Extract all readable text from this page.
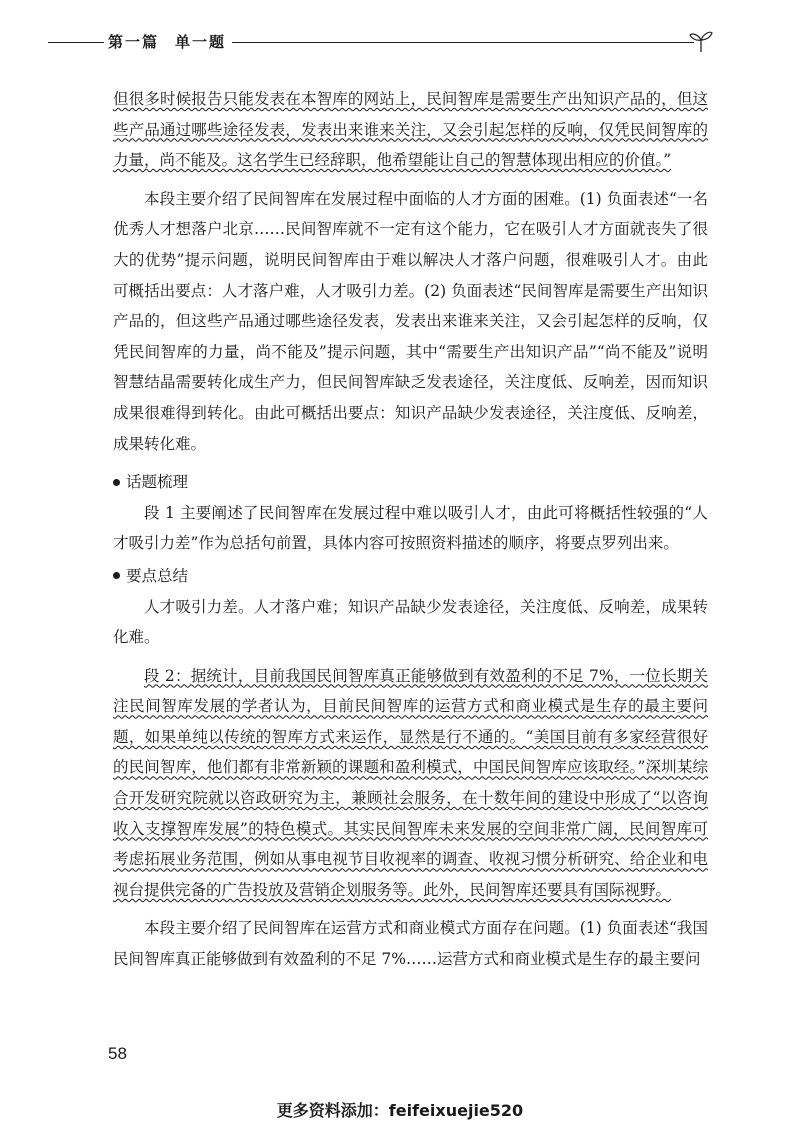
第一篇 单一题

但很多时候报告只能发表在本智库的网站上，民间智库是需要生产出知识产品的，但这些产品通过哪些途径发表，发表出来谁来关注，又会引起怎样的反响，仅凭民间智库的力量，尚不能及。这名学生已经辞职，他希望能让自己的智慧体现出相应的价值。”

本段主要介绍了民间智库在发展过程中面临的人才方面的困难。(1) 负面表述“一名优秀人才想落户北京……民间智库就不一定有这个能力，它在吸引人才方面就丧失了很大的优势”提示问题，说明民间智库由于难以解决人才落户问题，很难吸引人才。由此可概括出要点：人才落户难，人才吸引力差。(2) 负面表述“民间智库是需要生产出知识产品的，但这些产品通过哪些途径发表，发表出来谁来关注，又会引起怎样的反响，仅凭民间智库的力量，尚不能及”提示问题，其中“需要生产出知识产品”“尚不能及”说明智慧结晶需要转化成生产力，但民间智库缺乏发表途径，关注度低、反响差，因而知识成果很难得到转化。由此可概括出要点：知识产品缺少发表途径，关注度低、反响差，成果转化难。

话题梳理

段 1 主要阐述了民间智库在发展过程中难以吸引人才，由此可将概括性较强的“人才吸引力差”作为总括句前置，具体内容可按照资料描述的顺序，将要点罗列出来。

要点总结

人才吸引力差。人才落户难；知识产品缺少发表途径，关注度低、反响差，成果转化难。

段 2：据统计，目前我国民间智库真正能够做到有效盈利的不足 7%，一位长期关注民间智库发展的学者认为，目前民间智库的运营方式和商业模式是生存的最主要问题，如果单纯以传统的智库方式来运作，显然是行不通的。“美国目前有多家经营很好的民间智库，他们都有非常新颖的课题和盈利模式，中国民间智库应该取经。”深圳某综合开发研究院就以咨政研究为主，兼顾社会服务，在十数年间的建设中形成了“以咨询收入支撑智库发展”的特色模式。其实民间智库未来发展的空间非常广阔，民间智库可考虑拓展业务范围，例如从事电视节目收视率的调查、收视习惯分析研究、给企业和电视台提供完备的广告投放及营销企划服务等。此外，民间智库还要具有国际视野。

本段主要介绍了民间智库在运营方式和商业模式方面存在问题。(1) 负面表述“我国民间智库真正能够做到有效盈利的不足 7%……运营方式和商业模式是生存的最主要问

58
更多资料添加：feifeixuejie520
